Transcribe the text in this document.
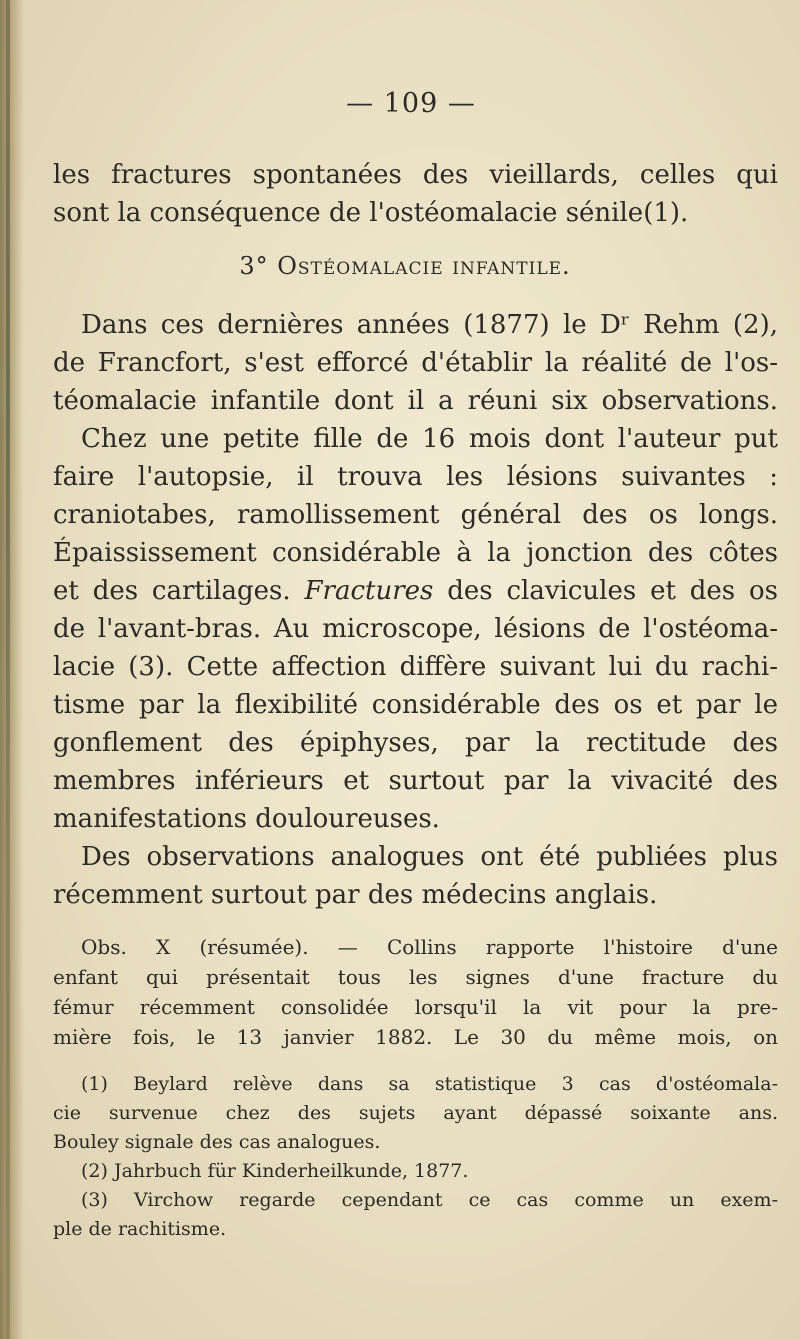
— 109 —
les fractures spontanées des vieillards, celles qui
sont la conséquence de l'ostéomalacie sénile(1).
3° Ostéomalacie infantile.
Dans ces dernières années (1877) le Dʳ Rehm (2),
de Francfort, s'est efforcé d'établir la réalité de l'os-
téomalacie infantile dont il a réuni six observations.
Chez une petite fille de 16 mois dont l'auteur put
faire l'autopsie, il trouva les lésions suivantes :
craniotabes, ramollissement général des os longs.
Épaississement considérable à la jonction des côtes
et des cartilages. Fractures des clavicules et des os
de l'avant-bras. Au microscope, lésions de l'ostéoma-
lacie (3). Cette affection diffère suivant lui du rachi-
tisme par la flexibilité considérable des os et par le
gonflement des épiphyses, par la rectitude des
membres inférieurs et surtout par la vivacité des
manifestations douloureuses.
Des observations analogues ont été publiées plus
récemment surtout par des médecins anglais.
Obs. X (résumée). — Collins rapporte l'histoire d'une
enfant qui présentait tous les signes d'une fracture du
fémur récemment consolidée lorsqu'il la vit pour la pre-
mière fois, le 13 janvier 1882. Le 30 du même mois, on
(1) Beylard relève dans sa statistique 3 cas d'ostéomala-
cie survenue chez des sujets ayant dépassé soixante ans.
Bouley signale des cas analogues.
(2) Jahrbuch für Kinderheilkunde, 1877.
(3) Virchow regarde cependant ce cas comme un exem-
ple de rachitisme.
